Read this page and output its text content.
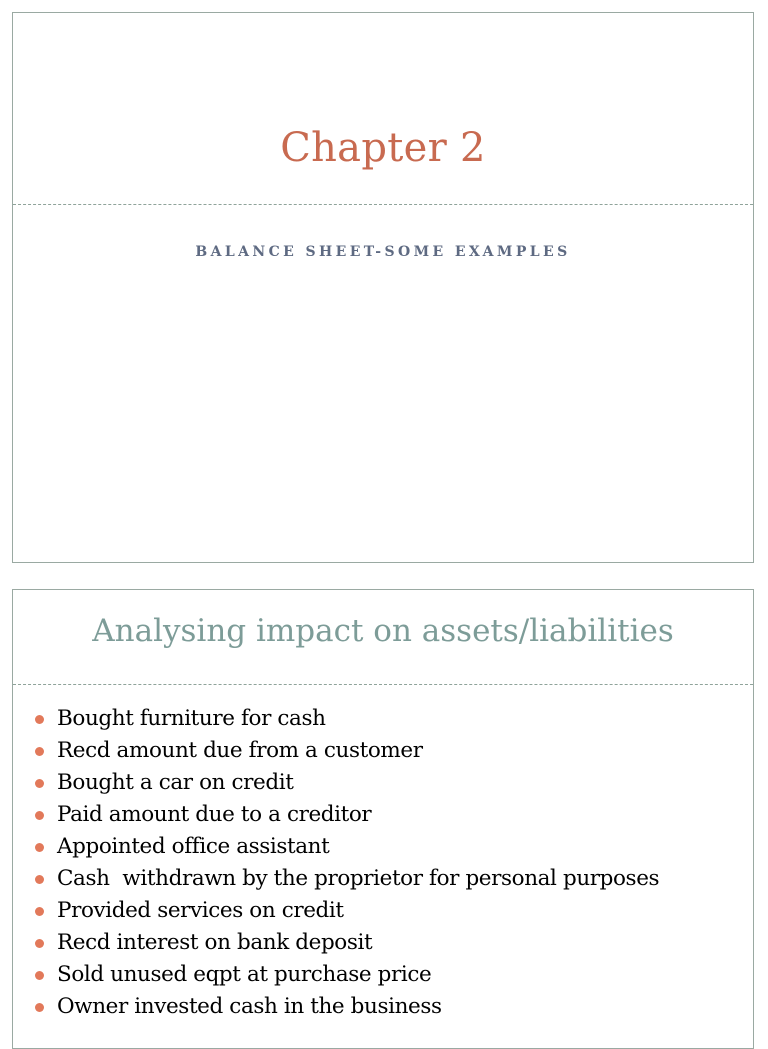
Chapter 2

BALANCE SHEET-SOME EXAMPLES

Analysing impact on assets/liabilities
Bought furniture for cash
Recd amount due from a customer
Bought a car on credit
Paid amount due to a creditor
Appointed office assistant
Cash  withdrawn by the proprietor for personal purposes
Provided services on credit
Recd interest on bank deposit
Sold unused eqpt at purchase price
Owner invested cash in the business
